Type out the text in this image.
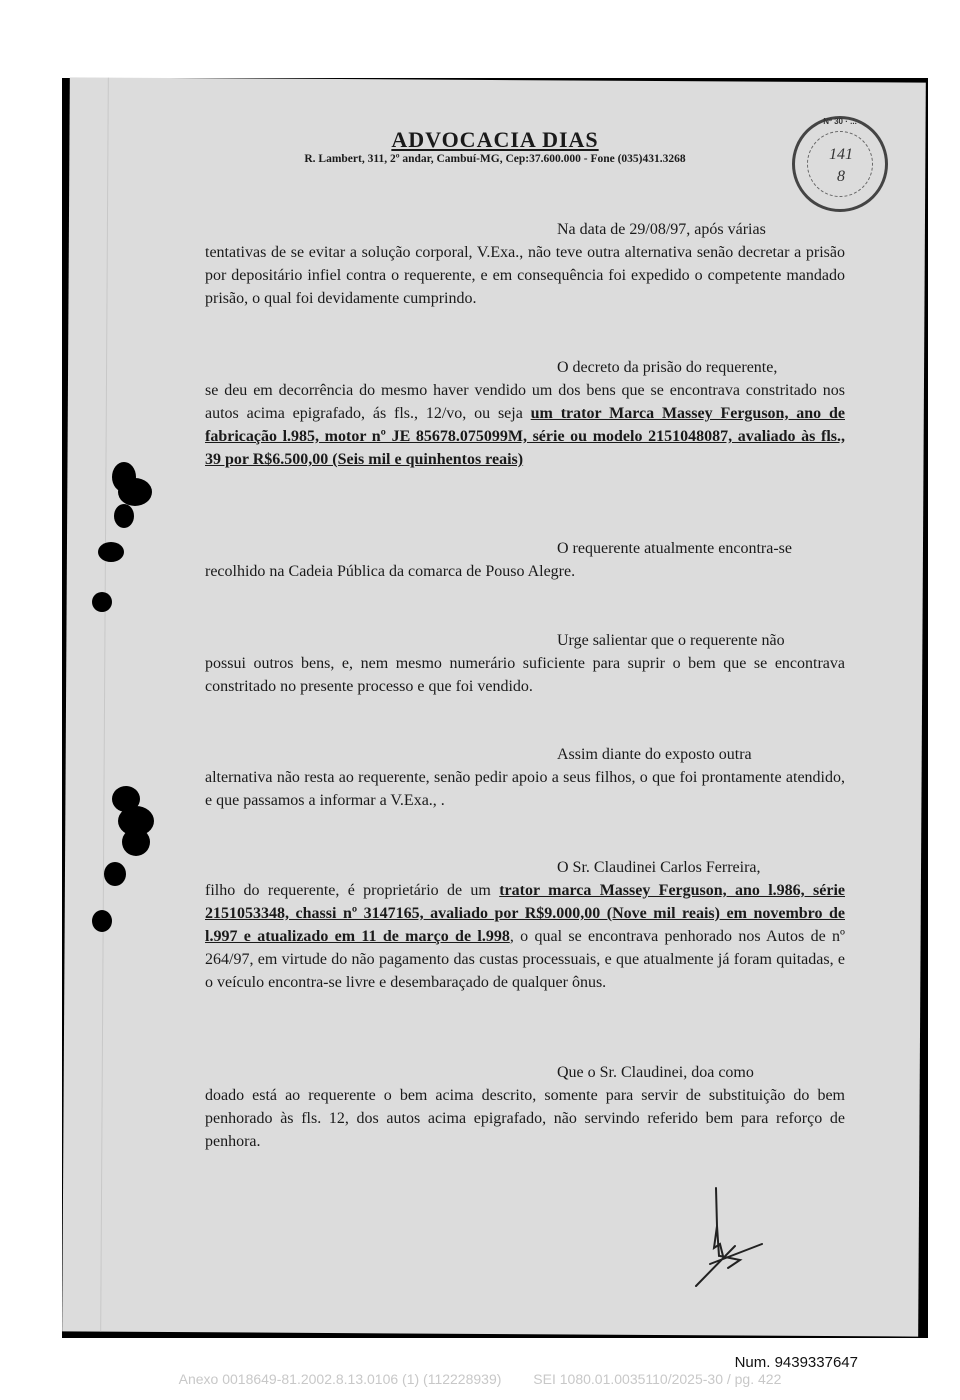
ADVOCACIA DIAS
R. Lambert, 311, 2º andar, Cambuí-MG, Cep:37.600.000 - Fone (035)431.3268
Nº 30 · ...
141
8
Na data de 29/08/97, após várias
tentativas de se evitar a solução corporal, V.Exa., não teve outra alternativa senão decretar a prisão por depositário infiel contra o requerente, e em consequência foi expedido o competente mandado prisão, o qual foi devidamente cumprindo.
O decreto da prisão do requerente,
se deu em decorrência do mesmo haver vendido um dos bens que se encontrava constritado nos autos acima epigrafado, ás fls., 12/vo, ou seja um trator Marca Massey Ferguson, ano de fabricação l.985, motor nº JE 85678.075099M, série ou modelo 2151048087, avaliado às fls., 39 por R$6.500,00 (Seis mil e quinhentos reais)
O requerente atualmente encontra-se
recolhido na Cadeia Pública da comarca de Pouso Alegre.
Urge salientar que o requerente não
possui outros bens, e, nem mesmo numerário suficiente para suprir o bem que se encontrava constritado no presente processo e que foi vendido.
Assim diante do exposto outra
alternativa não resta ao requerente, senão pedir apoio a seus filhos, o que foi prontamente atendido, e que passamos a informar a V.Exa., .
O Sr. Claudinei Carlos Ferreira,
filho do requerente, é proprietário de um trator marca Massey Ferguson, ano l.986, série 2151053348, chassi nº 3147165, avaliado por R$9.000,00 (Nove mil reais) em novembro de l.997 e atualizado em 11 de março de l.998, o qual se encontrava penhorado nos Autos de nº 264/97, em virtude do não pagamento das custas processuais, e que atualmente já foram quitadas, e o veículo encontra-se livre e desembaraçado de qualquer ônus.
Que o Sr. Claudinei, doa como
doado está ao requerente o bem acima descrito, somente para servir de substituição do bem penhorado às fls. 12, dos autos acima epigrafado, não servindo referido bem para reforço de penhora.
Num. 9439337647
Anexo 0018649-81.2002.8.13.0106 (1) (112228939) SEI 1080.01.0035110/2025-30 / pg. 422
